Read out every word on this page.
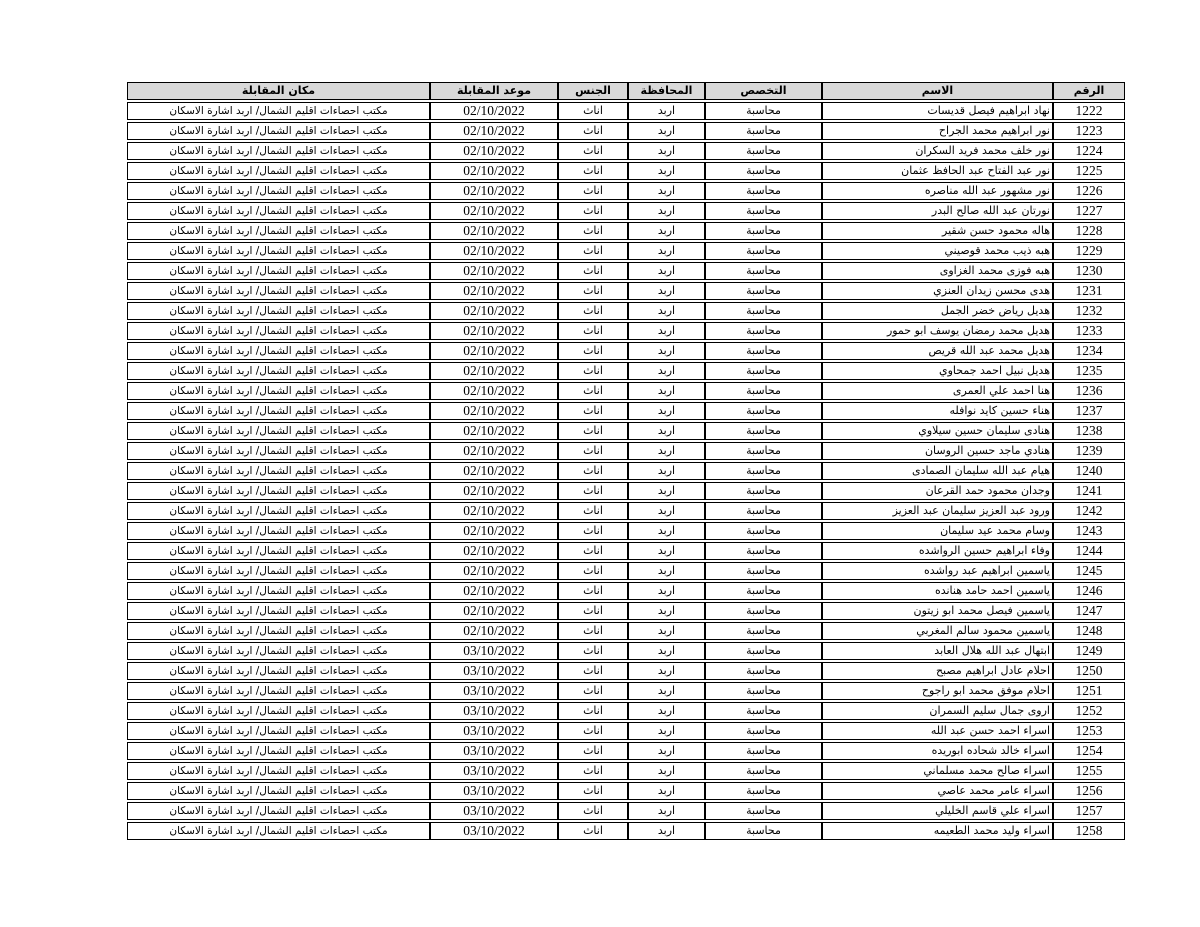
الرقم	الاسم	التخصص	المحافظة	الجنس	موعد المقابلة	مكان المقابلة
1222	نهاد ابراهيم فيصل قديسات	محاسبة	اربد	اناث	02/10/2022	مكتب احصاءات اقليم الشمال/ اربد اشارة الاسكان
1223	نور ابراهيم محمد الجراح	محاسبة	اربد	اناث	02/10/2022	مكتب احصاءات اقليم الشمال/ اربد اشارة الاسكان
1224	نور خلف محمد فريد السكران	محاسبة	اربد	اناث	02/10/2022	مكتب احصاءات اقليم الشمال/ اربد اشارة الاسكان
1225	نور عبد الفتاح عبد الحافظ عثمان	محاسبة	اربد	اناث	02/10/2022	مكتب احصاءات اقليم الشمال/ اربد اشارة الاسكان
1226	نور مشهور عبد الله مناصره	محاسبة	اربد	اناث	02/10/2022	مكتب احصاءات اقليم الشمال/ اربد اشارة الاسكان
1227	نورتان عبد الله صالح البدر	محاسبة	اربد	اناث	02/10/2022	مكتب احصاءات اقليم الشمال/ اربد اشارة الاسكان
1228	هاله محمود حسن شقير	محاسبة	اربد	اناث	02/10/2022	مكتب احصاءات اقليم الشمال/ اربد اشارة الاسكان
1229	هبه ذيب محمد قوصيني	محاسبة	اربد	اناث	02/10/2022	مكتب احصاءات اقليم الشمال/ اربد اشارة الاسكان
1230	هبه فوزى محمد الغزاوى	محاسبة	اربد	اناث	02/10/2022	مكتب احصاءات اقليم الشمال/ اربد اشارة الاسكان
1231	هدى محسن زيدان العنزي	محاسبة	اربد	اناث	02/10/2022	مكتب احصاءات اقليم الشمال/ اربد اشارة الاسكان
1232	هديل رياض خضر الجمل	محاسبة	اربد	اناث	02/10/2022	مكتب احصاءات اقليم الشمال/ اربد اشارة الاسكان
1233	هديل محمد رمضان يوسف ابو حمور	محاسبة	اربد	اناث	02/10/2022	مكتب احصاءات اقليم الشمال/ اربد اشارة الاسكان
1234	هديل محمد عبد الله قريص	محاسبة	اربد	اناث	02/10/2022	مكتب احصاءات اقليم الشمال/ اربد اشارة الاسكان
1235	هديل نبيل احمد جمحاوي	محاسبة	اربد	اناث	02/10/2022	مكتب احصاءات اقليم الشمال/ اربد اشارة الاسكان
1236	هنا احمد علي العمرى	محاسبة	اربد	اناث	02/10/2022	مكتب احصاءات اقليم الشمال/ اربد اشارة الاسكان
1237	هناء حسين كايد نوافله	محاسبة	اربد	اناث	02/10/2022	مكتب احصاءات اقليم الشمال/ اربد اشارة الاسكان
1238	هنادى سليمان حسين سيلاوي	محاسبة	اربد	اناث	02/10/2022	مكتب احصاءات اقليم الشمال/ اربد اشارة الاسكان
1239	هنادي ماجد حسين الروسان	محاسبة	اربد	اناث	02/10/2022	مكتب احصاءات اقليم الشمال/ اربد اشارة الاسكان
1240	هيام عبد الله سليمان الصمادى	محاسبة	اربد	اناث	02/10/2022	مكتب احصاءات اقليم الشمال/ اربد اشارة الاسكان
1241	وجدان محمود حمد القرعان	محاسبة	اربد	اناث	02/10/2022	مكتب احصاءات اقليم الشمال/ اربد اشارة الاسكان
1242	ورود عبد العزيز سليمان عبد العزيز	محاسبة	اربد	اناث	02/10/2022	مكتب احصاءات اقليم الشمال/ اربد اشارة الاسكان
1243	وسام محمد عيد سليمان	محاسبة	اربد	اناث	02/10/2022	مكتب احصاءات اقليم الشمال/ اربد اشارة الاسكان
1244	وفاء ابراهيم حسين الرواشده	محاسبة	اربد	اناث	02/10/2022	مكتب احصاءات اقليم الشمال/ اربد اشارة الاسكان
1245	ياسمين ابراهيم عبد رواشده	محاسبة	اربد	اناث	02/10/2022	مكتب احصاءات اقليم الشمال/ اربد اشارة الاسكان
1246	ياسمين احمد حامد هنانده	محاسبة	اربد	اناث	02/10/2022	مكتب احصاءات اقليم الشمال/ اربد اشارة الاسكان
1247	ياسمين فيصل محمد ابو زيتون	محاسبة	اربد	اناث	02/10/2022	مكتب احصاءات اقليم الشمال/ اربد اشارة الاسكان
1248	ياسمين محمود سالم المغربي	محاسبة	اربد	اناث	02/10/2022	مكتب احصاءات اقليم الشمال/ اربد اشارة الاسكان
1249	ابتهال عبد الله هلال العابد	محاسبة	اربد	اناث	03/10/2022	مكتب احصاءات اقليم الشمال/ اربد اشارة الاسكان
1250	احلام عادل ابراهيم مصبح	محاسبة	اربد	اناث	03/10/2022	مكتب احصاءات اقليم الشمال/ اربد اشارة الاسكان
1251	احلام موفق محمد ابو راجوح	محاسبة	اربد	اناث	03/10/2022	مكتب احصاءات اقليم الشمال/ اربد اشارة الاسكان
1252	اروى جمال سليم السمران	محاسبة	اربد	اناث	03/10/2022	مكتب احصاءات اقليم الشمال/ اربد اشارة الاسكان
1253	اسراء احمد حسن عبد الله	محاسبة	اربد	اناث	03/10/2022	مكتب احصاءات اقليم الشمال/ اربد اشارة الاسكان
1254	اسراء خالد شحاده ابوريده	محاسبة	اربد	اناث	03/10/2022	مكتب احصاءات اقليم الشمال/ اربد اشارة الاسكان
1255	اسراء صالح محمد مسلماني	محاسبة	اربد	اناث	03/10/2022	مكتب احصاءات اقليم الشمال/ اربد اشارة الاسكان
1256	اسراء عامر محمد عاصي	محاسبة	اربد	اناث	03/10/2022	مكتب احصاءات اقليم الشمال/ اربد اشارة الاسكان
1257	اسراء علي قاسم الخليلي	محاسبة	اربد	اناث	03/10/2022	مكتب احصاءات اقليم الشمال/ اربد اشارة الاسكان
1258	اسراء وليد محمد الطعيمه	محاسبة	اربد	اناث	03/10/2022	مكتب احصاءات اقليم الشمال/ اربد اشارة الاسكان
